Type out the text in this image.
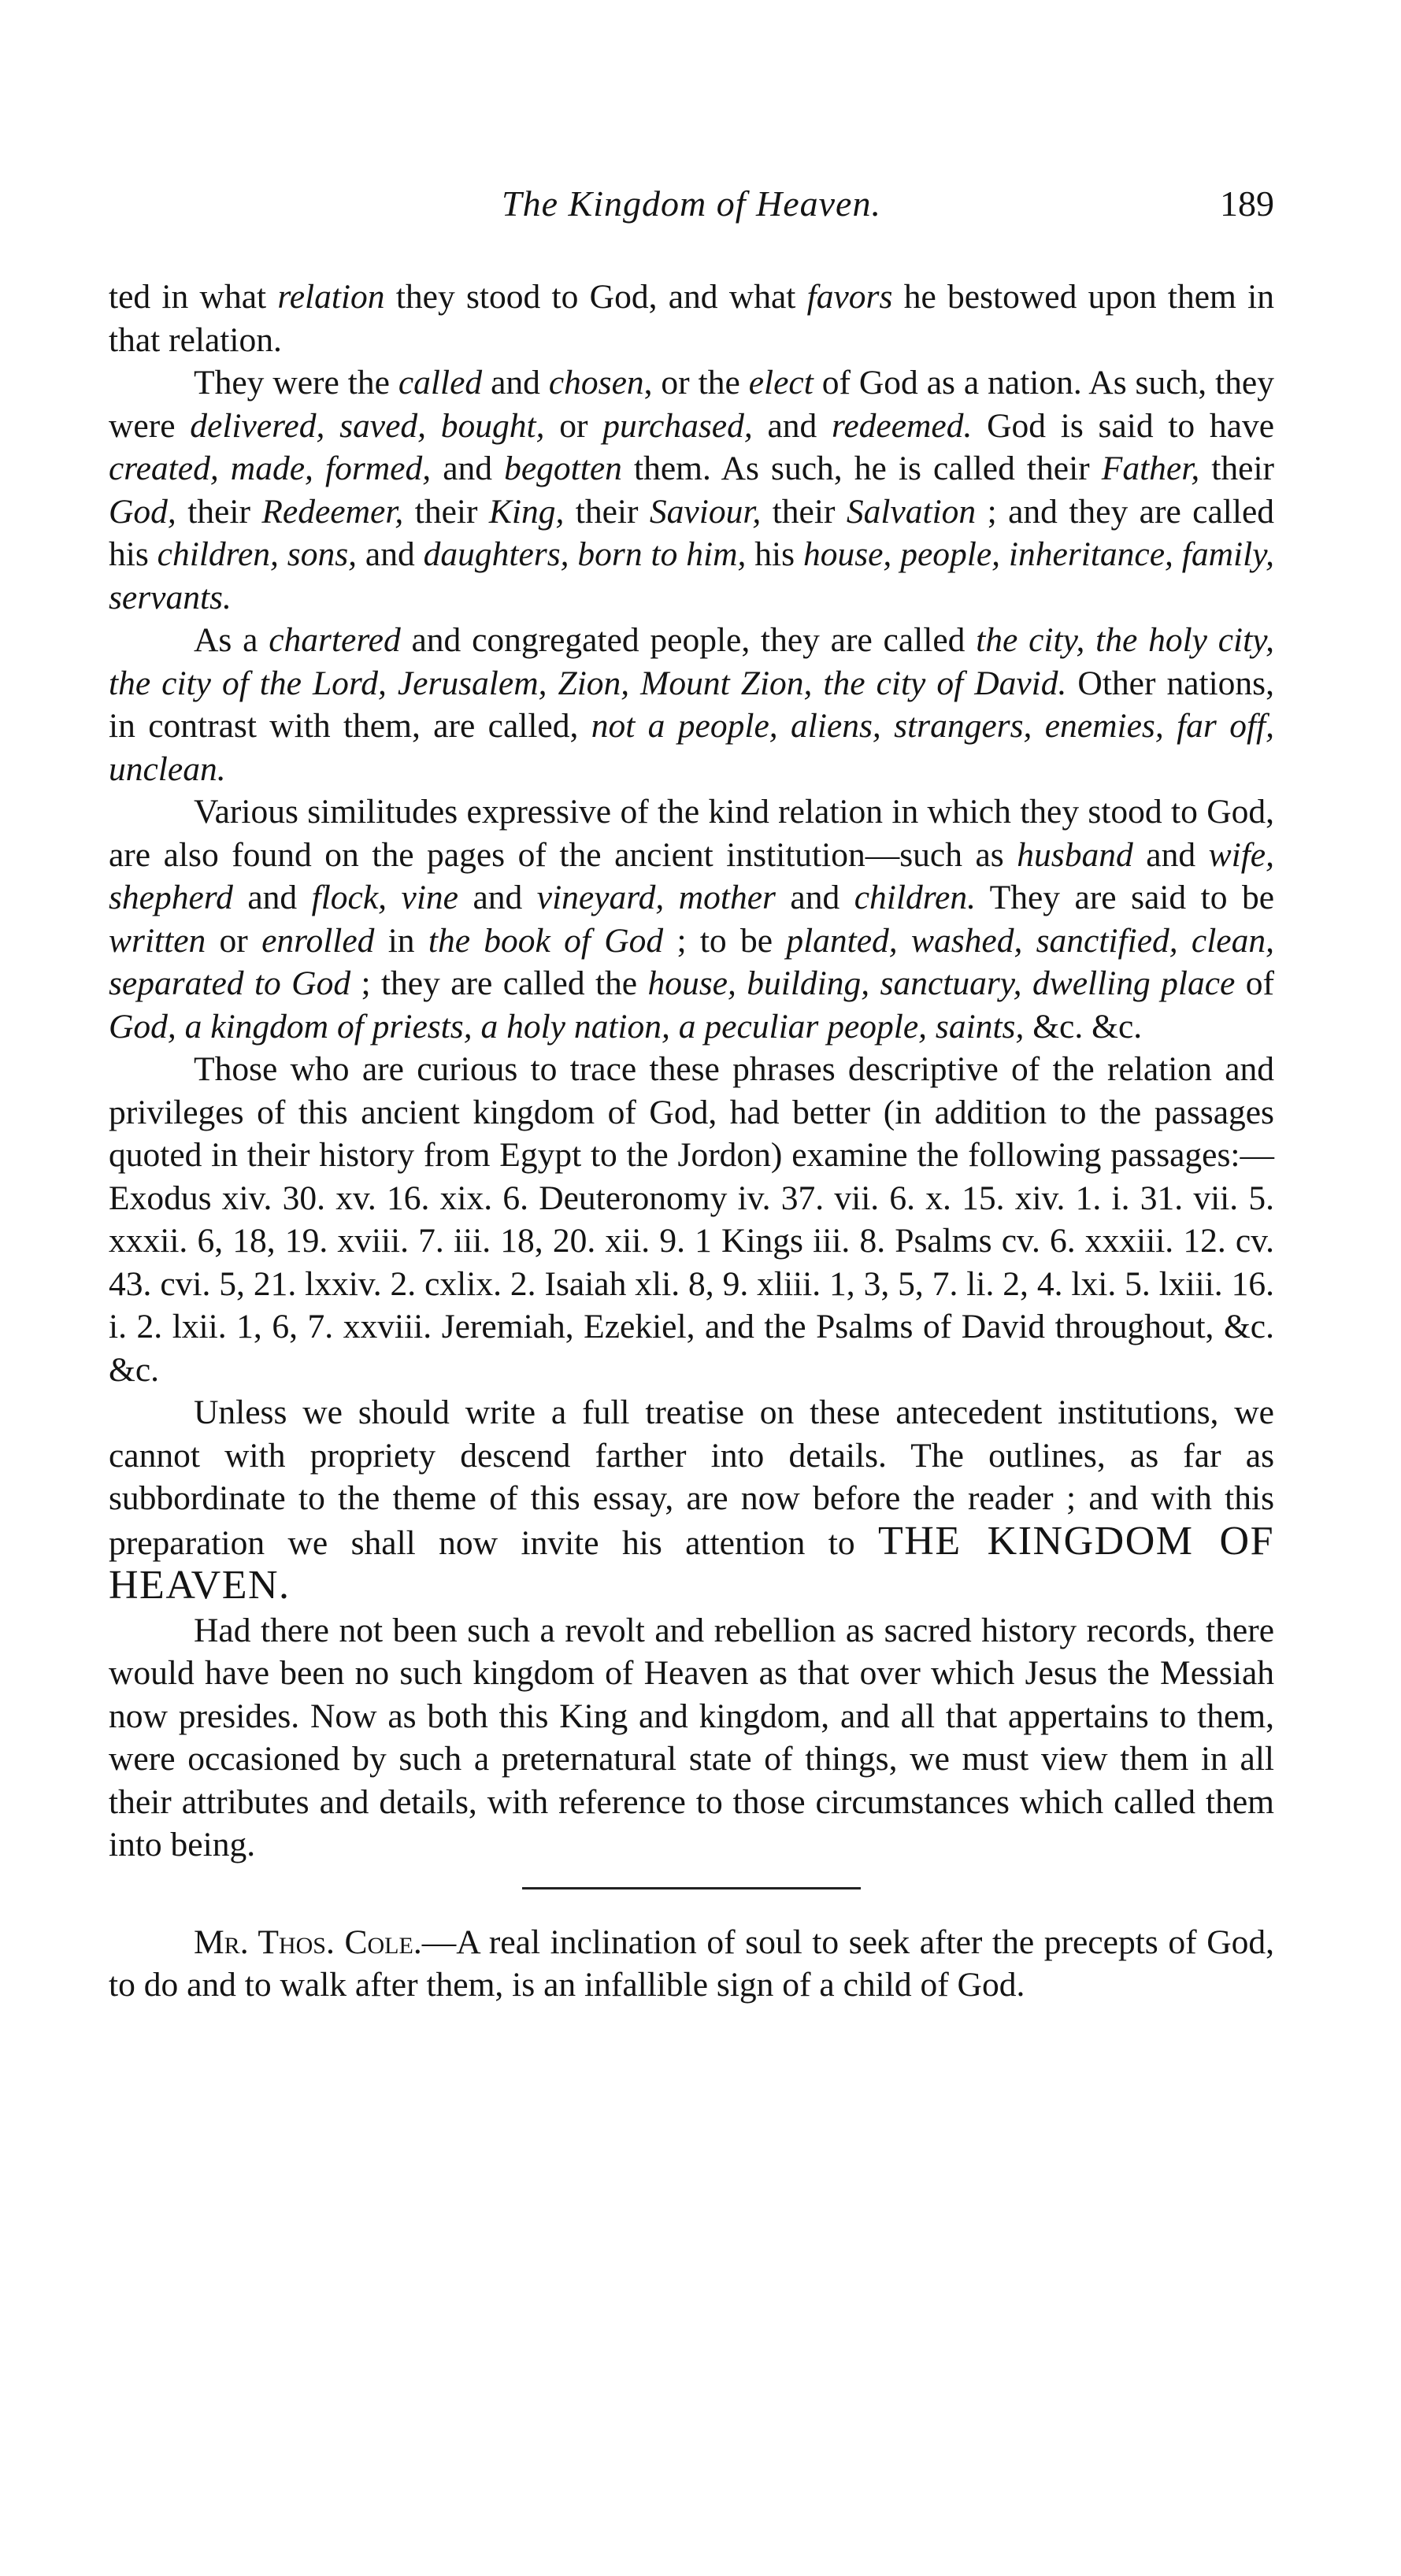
The Kingdom of Heaven.	189

ted in what relation they stood to God, and what favors he bestowed upon them in that relation.

They were the called and chosen, or the elect of God as a nation. As such, they were delivered, saved, bought, or purchased, and redeemed. God is said to have created, made, formed, and begotten them. As such, he is called their Father, their God, their Redeemer, their King, their Saviour, their Salvation ; and they are called his children, sons, and daughters, born to him, his house, people, inheritance, family, servants.

As a chartered and congregated people, they are called the city, the holy city, the city of the Lord, Jerusalem, Zion, Mount Zion, the city of David. Other nations, in contrast with them, are called, not a people, aliens, strangers, enemies, far off, unclean.

Various similitudes expressive of the kind relation in which they stood to God, are also found on the pages of the ancient institution—such as husband and wife, shepherd and flock, vine and vineyard, mother and children. They are said to be written or enrolled in the book of God ; to be planted, washed, sanctified, clean, separated to God ; they are called the house, building, sanctuary, dwelling place of God, a kingdom of priests, a holy nation, a peculiar people, saints, &c. &c.

Those who are curious to trace these phrases descriptive of the relation and privileges of this ancient kingdom of God, had better (in addition to the passages quoted in their history from Egypt to the Jordon) examine the following passages:— Exodus xiv. 30. xv. 16. xix. 6. Deuteronomy iv. 37. vii. 6. x. 15. xiv. 1. i. 31. vii. 5. xxxii. 6, 18, 19. xviii. 7. iii. 18, 20. xii. 9. 1 Kings iii. 8. Psalms cv. 6. xxxiii. 12. cv. 43. cvi. 5, 21. lxxiv. 2. cxlix. 2. Isaiah xli. 8, 9. xliii. 1, 3, 5, 7. li. 2, 4. lxi. 5. lxiii. 16. i. 2. lxii. 1, 6, 7. xxviii. Jeremiah, Ezekiel, and the Psalms of David throughout, &c. &c.

Unless we should write a full treatise on these antecedent institutions, we cannot with propriety descend farther into details. The outlines, as far as subbordinate to the theme of this essay, are now before the reader ; and with this preparation we shall now invite his attention to THE KINGDOM OF HEAVEN.

Had there not been such a revolt and rebellion as sacred history records, there would have been no such kingdom of Heaven as that over which Jesus the Messiah now presides. Now as both this King and kingdom, and all that appertains to them, were occasioned by such a preternatural state of things, we must view them in all their attributes and details, with reference to those circumstances which called them into being.

Mr. Thos. Cole.—A real inclination of soul to seek after the precepts of God, to do and to walk after them, is an infallible sign of a child of God.
